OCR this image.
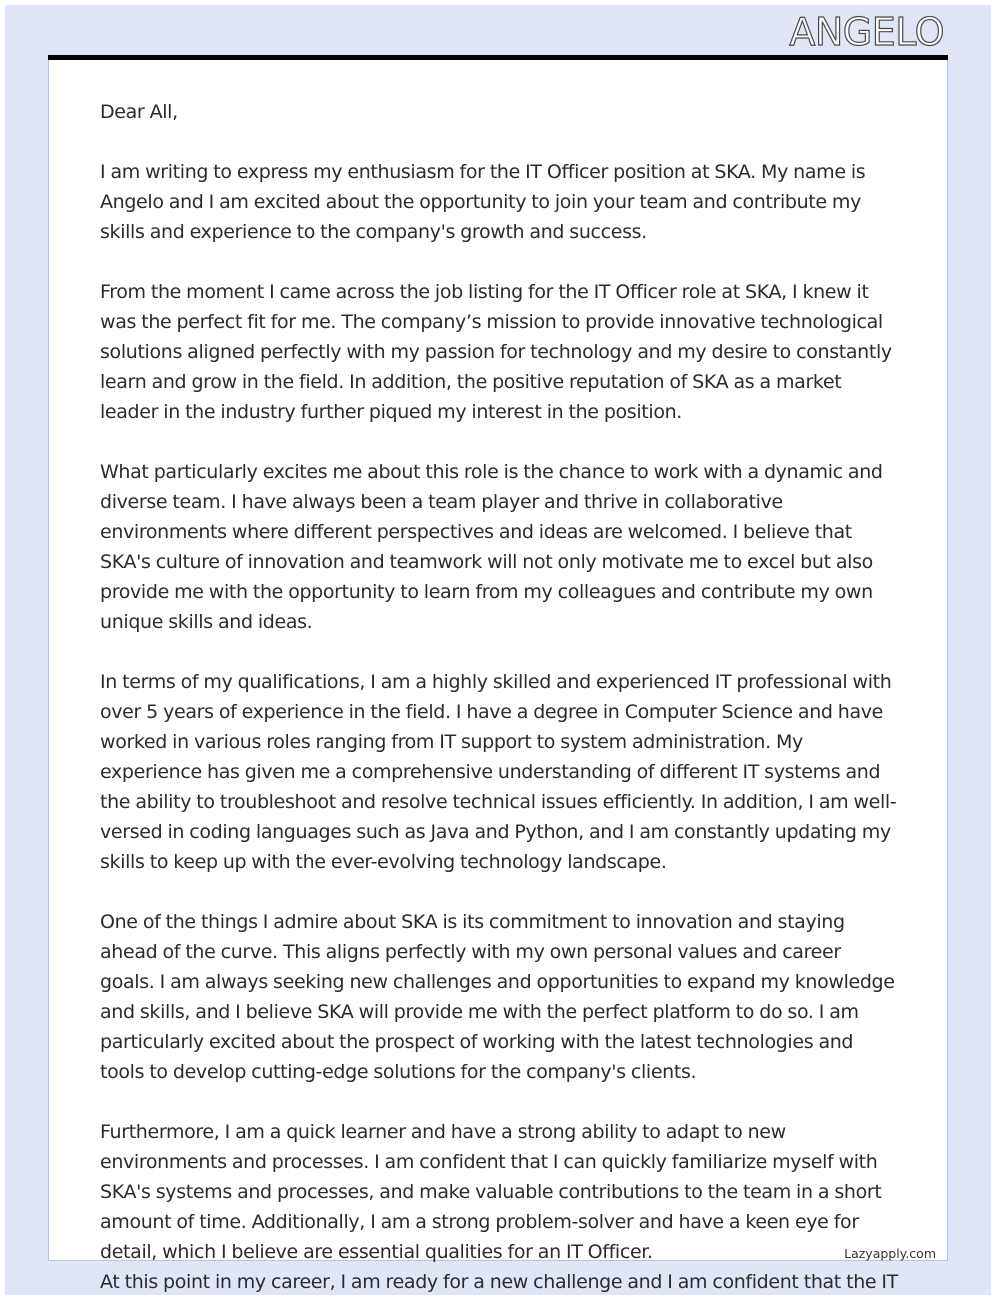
ANGELO

Dear All,

I am writing to express my enthusiasm for the IT Officer position at SKA. My name is Angelo and I am excited about the opportunity to join your team and contribute my skills and experience to the company's growth and success.

From the moment I came across the job listing for the IT Officer role at SKA, I knew it was the perfect fit for me. The company’s mission to provide innovative technological solutions aligned perfectly with my passion for technology and my desire to constantly learn and grow in the field. In addition, the positive reputation of SKA as a market leader in the industry further piqued my interest in the position.

What particularly excites me about this role is the chance to work with a dynamic and diverse team. I have always been a team player and thrive in collaborative environments where different perspectives and ideas are welcomed. I believe that SKA's culture of innovation and teamwork will not only motivate me to excel but also provide me with the opportunity to learn from my colleagues and contribute my own unique skills and ideas.

In terms of my qualifications, I am a highly skilled and experienced IT professional with over 5 years of experience in the field. I have a degree in Computer Science and have worked in various roles ranging from IT support to system administration. My experience has given me a comprehensive understanding of different IT systems and the ability to troubleshoot and resolve technical issues efficiently. In addition, I am well-versed in coding languages such as Java and Python, and I am constantly updating my skills to keep up with the ever-evolving technology landscape.

One of the things I admire about SKA is its commitment to innovation and staying ahead of the curve. This aligns perfectly with my own personal values and career goals. I am always seeking new challenges and opportunities to expand my knowledge and skills, and I believe SKA will provide me with the perfect platform to do so. I am particularly excited about the prospect of working with the latest technologies and tools to develop cutting-edge solutions for the company's clients.

Furthermore, I am a quick learner and have a strong ability to adapt to new environments and processes. I am confident that I can quickly familiarize myself with SKA's systems and processes, and make valuable contributions to the team in a short amount of time. Additionally, I am a strong problem-solver and have a keen eye for detail, which I believe are essential qualities for an IT Officer.	Lazyapply.com
At this point in my career, I am ready for a new challenge and I am confident that the IT
